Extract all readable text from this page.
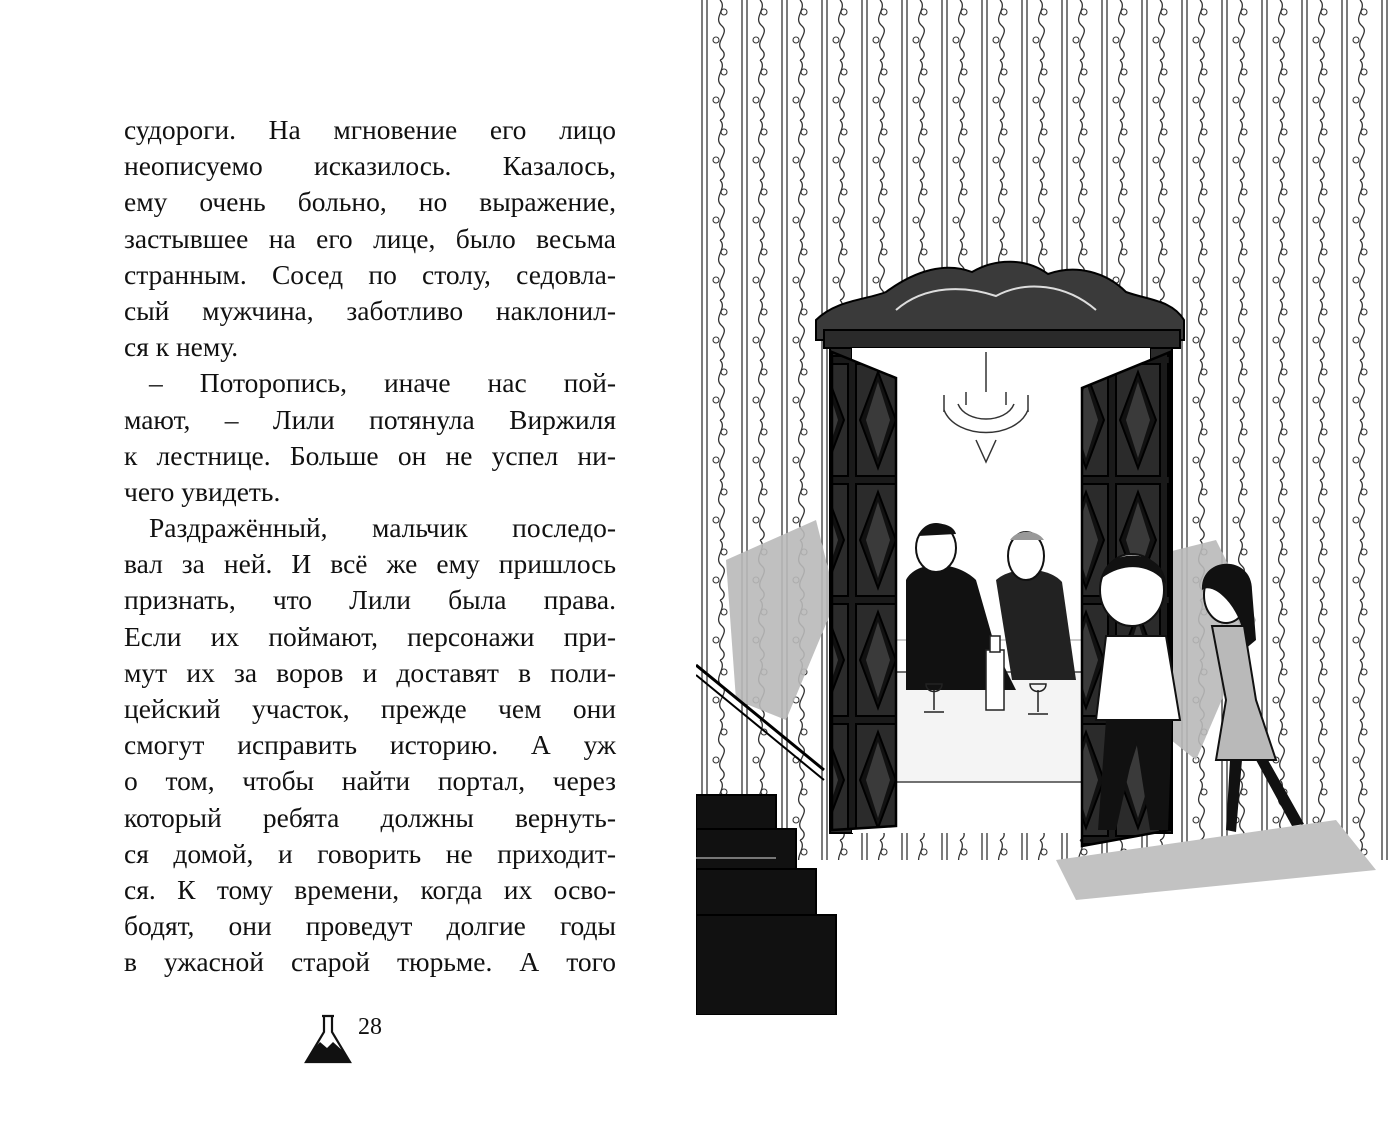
судороги. На мгновение его лицо
неописуемо исказилось. Казалось,
ему очень больно, но выражение,
застывшее на его лице, было весьма
странным. Сосед по столу, седовла-
сый мужчина, заботливо наклонил-
ся к нему.
– Поторопись, иначе нас пой-
мают, – Лили потянула Виржиля
к лестнице. Больше он не успел ни-
чего увидеть.
Раздражённый, мальчик последо-
вал за ней. И всё же ему пришлось
признать, что Лили была права.
Если их поймают, персонажи при-
мут их за воров и доставят в поли-
цейский участок, прежде чем они
смогут исправить историю. А уж
о том, чтобы найти портал, через
который ребята должны вернуть-
ся домой, и говорить не приходит-
ся. К тому времени, когда их осво-
бодят, они проведут долгие годы
в ужасной старой тюрьме. А того
28
